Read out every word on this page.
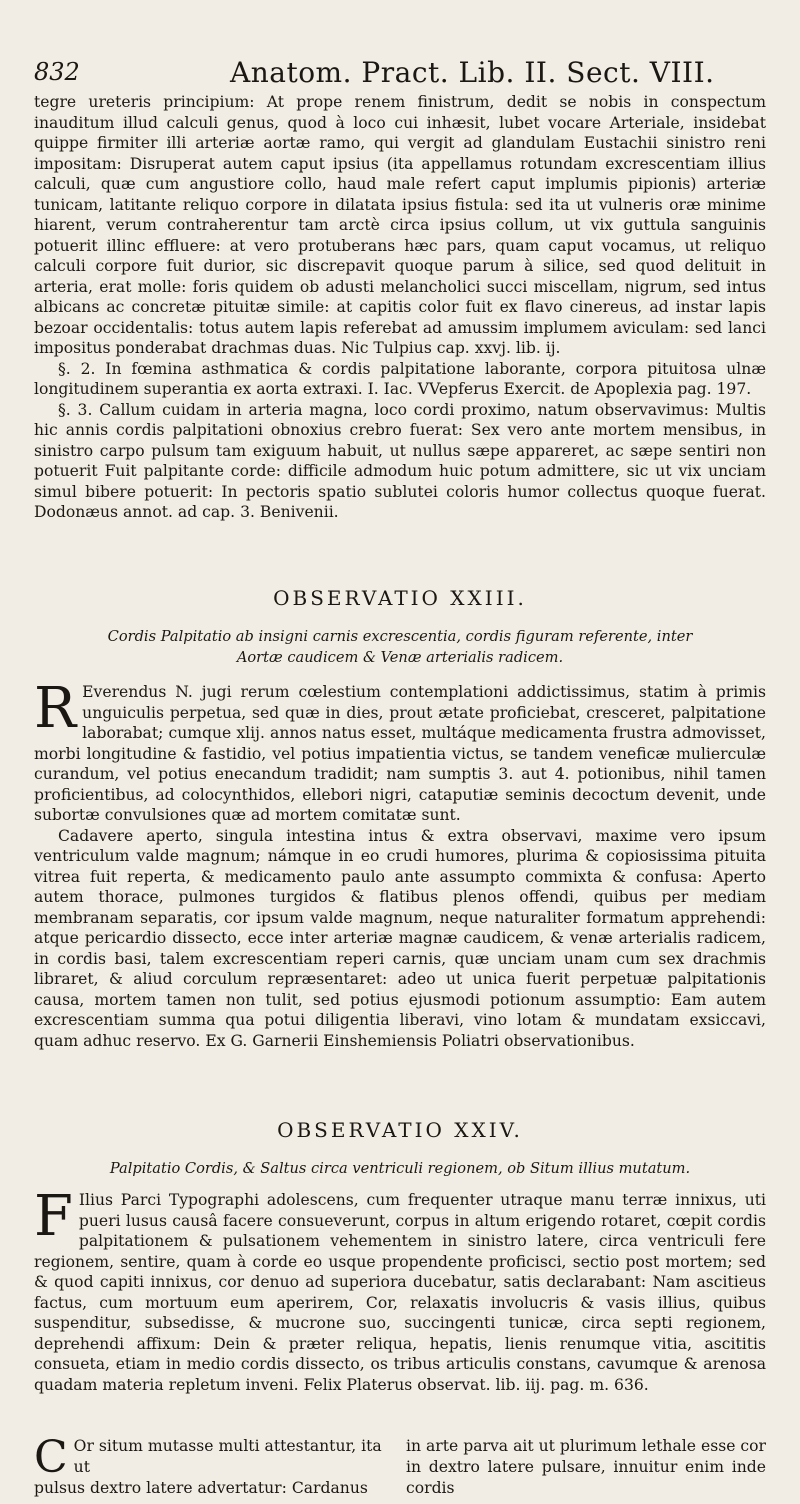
832	Anatom. Pract. Lib. II. Sect. VIII.

tegre ureteris principium: At prope renem finistrum, dedit se nobis in conspectum inauditum illud calculi genus, quod à loco cui inhæsit, lubet vocare Arteriale, insidebat quippe firmiter illi arteriæ aortæ ramo, qui vergit ad glandulam Eustachii sinistro reni impositam: Disruperat autem caput ipsius (ita appellamus rotundam excrescentiam illius calculi, quæ cum angustiore collo, haud male refert caput implumis pipionis) arteriæ tunicam, latitante reliquo corpore in dilatata ipsius fistula: sed ita ut vulneris oræ minime hiarent, verum contraherentur tam arctè circa ipsius collum, ut vix guttula sanguinis potuerit illinc effluere: at vero protuberans hæc pars, quam caput vocamus, ut reliquo calculi corpore fuit durior, sic discrepavit quoque parum à silice, sed quod delituit in arteria, erat molle: foris quidem ob adusti melancholici succi miscellam, nigrum, sed intus albicans ac concretæ pituitæ simile: at capitis color fuit ex flavo cinereus, ad instar lapis bezoar occidentalis: totus autem lapis referebat ad amussim implumem aviculam: sed lanci impositus ponderabat drachmas duas. Nic Tulpius cap. xxvj. lib. ij.

§. 2. In fœmina asthmatica & cordis palpitatione laborante, corpora pituitosa ulnæ longitudinem superantia ex aorta extraxi. I. Iac. VVepferus Exercit. de Apoplexia pag. 197.

§. 3. Callum cuidam in arteria magna, loco cordi proximo, natum observavimus: Multis hic annis cordis palpitationi obnoxius crebro fuerat: Sex vero ante mortem mensibus, in sinistro carpo pulsum tam exiguum habuit, ut nullus sæpe appareret, ac sæpe sentiri non potuerit Fuit palpitante corde: difficile admodum huic potum admittere, sic ut vix unciam simul bibere potuerit: In pectoris spatio sublutei coloris humor collectus quoque fuerat. Dodonæus annot. ad cap. 3. Benivenii.

OBSERVATIO XXIII.
Cordis Palpitatio ab insigni carnis excrescentia, cordis figuram referente, inter
Aortæ caudicem & Venæ arterialis radicem.

R Everendus N. jugi rerum cœlestium contemplationi addictissimus, statim à primis unguiculis perpetua, sed quæ in dies, prout ætate proficiebat, cresceret, palpitatione laborabat; cumque xlij. annos natus esset, multáque medicamenta frustra admovisset, morbi longitudine & fastidio, vel potius impatientia victus, se tandem veneficæ mulierculæ curandum, vel potius enecandum tradidit; nam sumptis 3. aut 4. potionibus, nihil tamen proficientibus, ad colocynthidos, ellebori nigri, cataputiæ seminis decoctum devenit, unde subortæ convulsiones quæ ad mortem comitatæ sunt.

Cadavere aperto, singula intestina intus & extra observavi, maxime vero ipsum ventriculum valde magnum; námque in eo crudi humores, plurima & copiosissima pituita vitrea fuit reperta, & medicamento paulo ante assumpto commixta & confusa: Aperto autem thorace, pulmones turgidos & flatibus plenos offendi, quibus per mediam membranam separatis, cor ipsum valde magnum, neque naturaliter formatum apprehendi: atque pericardio dissecto, ecce inter arteriæ magnæ caudicem, & venæ arterialis radicem, in cordis basi, talem excrescentiam reperi carnis, quæ unciam unam cum sex drachmis libraret, & aliud corculum repræsentaret: adeo ut unica fuerit perpetuæ palpitationis causa, mortem tamen non tulit, sed potius ejusmodi potionum assumptio: Eam autem excrescentiam summa qua potui diligentia liberavi, vino lotam & mundatam exsiccavi, quam adhuc reservo. Ex G. Garnerii Einshemiensis Poliatri observationibus.

OBSERVATIO XXIV.
Palpitatio Cordis, & Saltus circa ventriculi regionem, ob Situm illius mutatum.

F Ilius Parci Typographi adolescens, cum frequenter utraque manu terræ innixus, uti pueri lusus causâ facere consueverunt, corpus in altum erigendo rotaret, cœpit cordis palpitationem & pulsationem vehementem in sinistro latere, circa ventriculi fere regionem, sentire, quam à corde eo usque propendente proficisci, sectio post mortem; sed & quod capiti innixus, cor denuo ad superiora ducebatur, satis declarabant: Nam ascitieus factus, cum mortuum eum aperirem, Cor, relaxatis involucris & vasis illius, quibus suspenditur, subsedisse, & mucrone suo, succingenti tunicæ, circa septi regionem, deprehendi affixum: Dein & præter reliqua, hepatis, lienis renumque vitia, ascititis consueta, etiam in medio cordis dissecto, os tribus articulis constans, cavumque & arenosa quadam materia repletum inveni. Felix Platerus observat. lib. iij. pag. m. 636.

C Or situm mutasse multi attestantur, ita ut

pulsus dextro latere advertatur: Cardanus

in arte parva ait ut plurimum lethale esse cor in dextro latere pulsare, innuitur enim inde cordis
